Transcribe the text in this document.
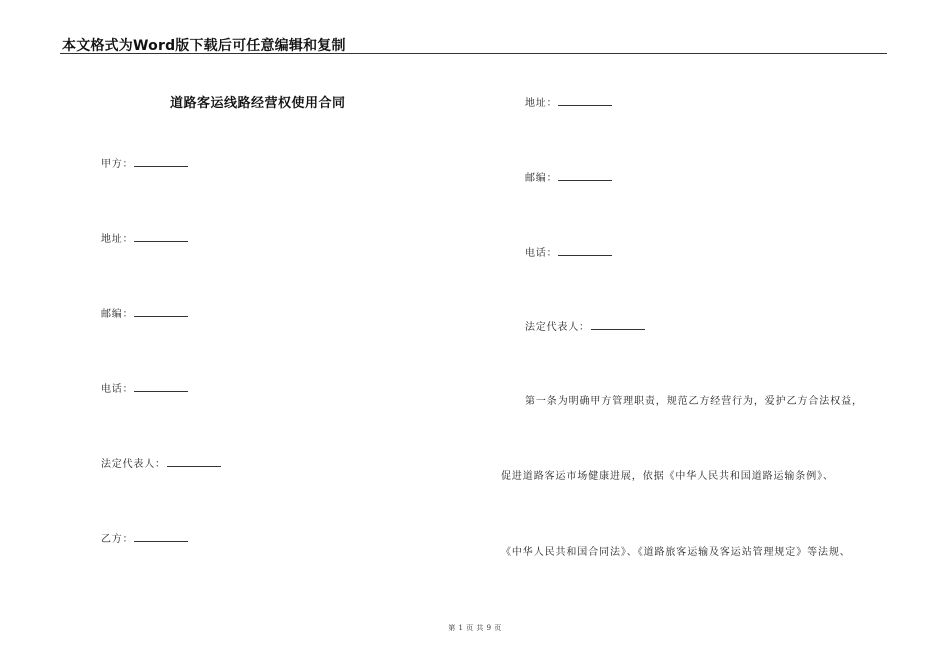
本文格式为Word版下载后可任意编辑和复制
道路客运线路经营权使用合同
甲方：
地址：
邮编：
电话：
法定代表人：
乙方：
地址：
邮编：
电话：
法定代表人：
第一条为明确甲方管理职责，规范乙方经营行为，爱护乙方合法权益，
促进道路客运市场健康进展，依据《中华人民共和国道路运输条例》、
《中华人民共和国合同法》、《道路旅客运输及客运站管理规定》等法规、
第 1 页 共 9 页
